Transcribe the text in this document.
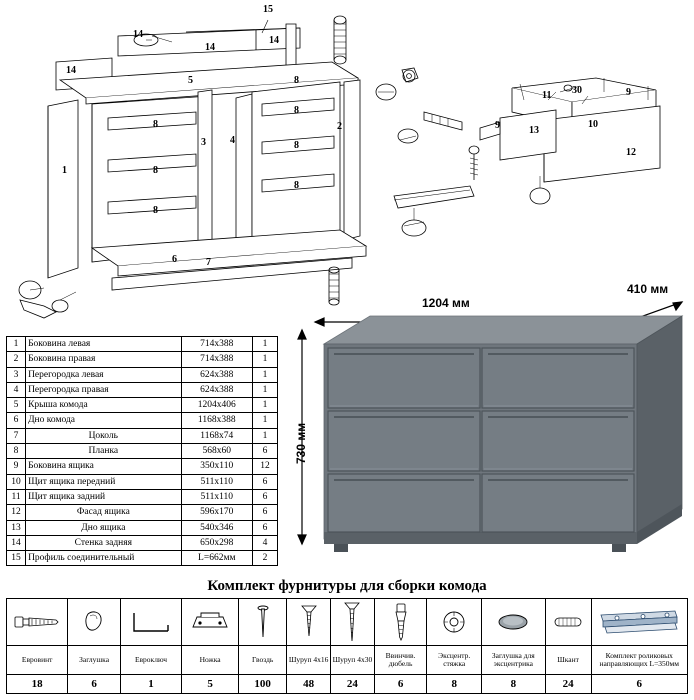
15
14
14
14
14
5	8
8
8
3 4
2
1	8
8
8
8
6	7
9
9
11 30
13
10
12
1	Боковина левая	714х388	1
2	Боковина правая	714х388	1
3	Перегородка левая	624х388	1
4	Перегородка правая	624х388	1
5	Крыша комода	1204х406	1
6	Дно комода	1168х388	1
7	Цоколь	1168х74	1
8	Планка	568х60	6
9	Боковина ящика	350х110	12
10	Щит ящика передний	511х110	6
11	Щит ящика задний	511х110	6
12	Фасад ящика	596х170	6
13	Дно ящика	540х346	6
14	Стенка задняя	650х298	4
15	Профиль соединительный	L=662мм	2
1204 мм
410 мм
730 мм
Комплект фурнитуры для сборки комода

Евровинт	Заглушка	Евроключ	Ножка	Гвоздь	Шуруп 4х16	Шуруп 4х30	Ввинчив. дюбель	Эксцентр. стяжка	Заглушка для эксцентрика	Шкант	Комплект роликовых направляющих L=350мм
18	6	1	5	100	48	24	6	8	8	24	6
